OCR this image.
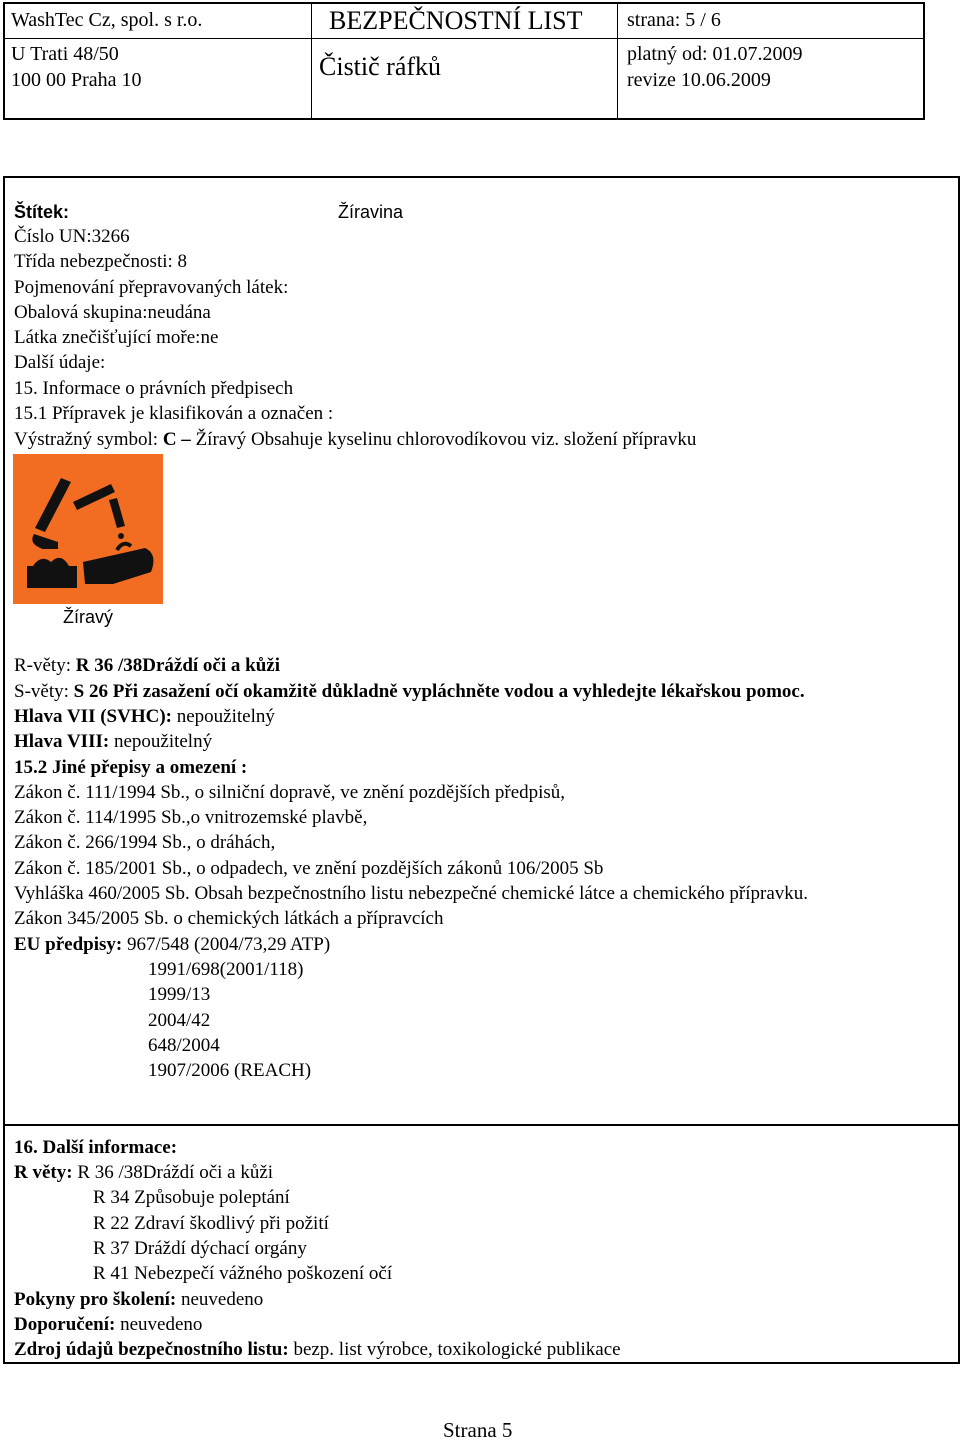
WashTec Cz, spol. s r.o.
U Trati 48/50
100 00 Praha 10
BEZPEČNOSTNÍ LIST
Čistič ráfků
strana: 5 / 6
platný od: 01.07.2009
revize 10.06.2009
Štítek:	Žíravina
Číslo UN:3266
Třída nebezpečnosti: 8
Pojmenování přepravovaných látek:
Obalová skupina:neudána
Látka znečišťující moře:ne
Další údaje:
15. Informace o právních předpisech
15.1 Přípravek je klasifikován a označen :
Výstražný symbol: C – Žíravý Obsahuje kyselinu chlorovodíkovou viz. složení přípravku
Žíravý
R-věty: R 36 /38Dráždí oči a kůži
S-věty: S 26 Při zasažení očí okamžitě důkladně vypláchněte vodou a vyhledejte lékařskou pomoc.
Hlava VII (SVHC): nepoužitelný
Hlava VIII: nepoužitelný
15.2 Jiné přepisy a omezení :
Zákon č. 111/1994 Sb., o silniční dopravě, ve znění pozdějších předpisů,
Zákon č. 114/1995 Sb.,o vnitrozemské plavbě,
Zákon č. 266/1994 Sb., o dráhách,
Zákon č. 185/2001 Sb., o odpadech, ve znění pozdějších zákonů 106/2005 Sb
Vyhláška 460/2005 Sb. Obsah bezpečnostního listu nebezpečné chemické látce a chemického přípravku.
Zákon 345/2005 Sb. o chemických látkách a přípravcích
EU předpisy: 967/548 (2004/73,29 ATP)
1991/698(2001/118)
1999/13
2004/42
648/2004
1907/2006 (REACH)
16. Další informace:
R věty: R 36 /38Dráždí oči a kůži
R 34 Způsobuje poleptání
R 22 Zdraví škodlivý při požití
R 37 Dráždí dýchací orgány
R 41 Nebezpečí vážného poškození očí
Pokyny pro školení: neuvedeno
Doporučení: neuvedeno
Zdroj údajů bezpečnostního listu: bezp. list výrobce, toxikologické publikace
Strana 5
